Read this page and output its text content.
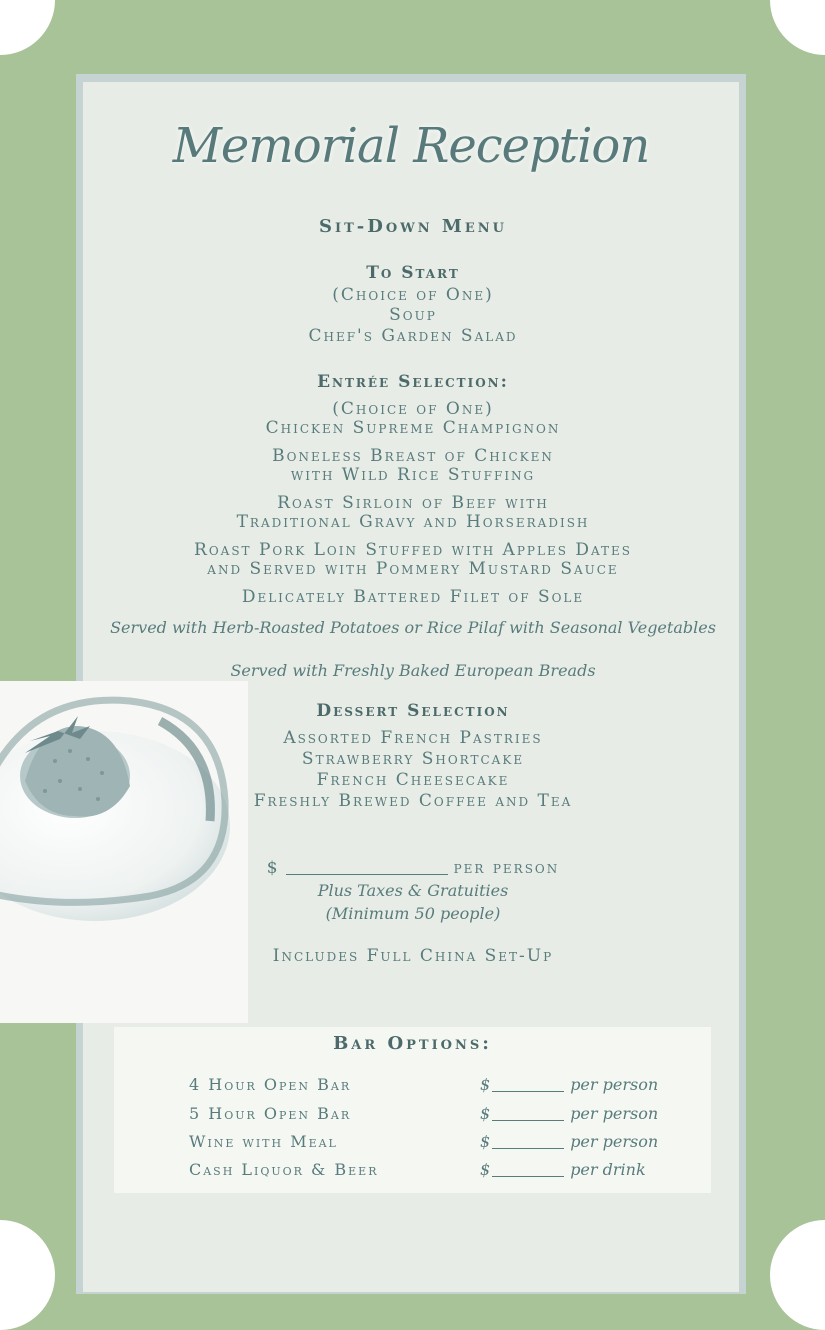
Memorial Reception
Sit-Down Menu
To Start
(Choice of One)
Soup
Chef's Garden Salad
Entrée Selection:
(Choice of One)
Chicken Supreme Champignon
Boneless Breast of Chicken
with Wild Rice Stuffing
Roast Sirloin of Beef with
Traditional Gravy and Horseradish
Roast Pork Loin Stuffed with Apples Dates
and Served with Pommery Mustard Sauce
Delicately Battered Filet of Sole
Served with Herb-Roasted Potatoes or Rice Pilaf with Seasonal Vegetables
Served with Freshly Baked European Breads
Dessert Selection
Assorted French Pastries
Strawberry Shortcake
French Cheesecake
Freshly Brewed Coffee and Tea
$	per person
Plus Taxes & Gratuities
(Minimum 50 people)
Includes Full China Set-Up
Bar Options:
4 Hour Open Bar	$	per person
5 Hour Open Bar	$	per person
Wine with Meal	$	per person
Cash Liquor & Beer	$	per drink
